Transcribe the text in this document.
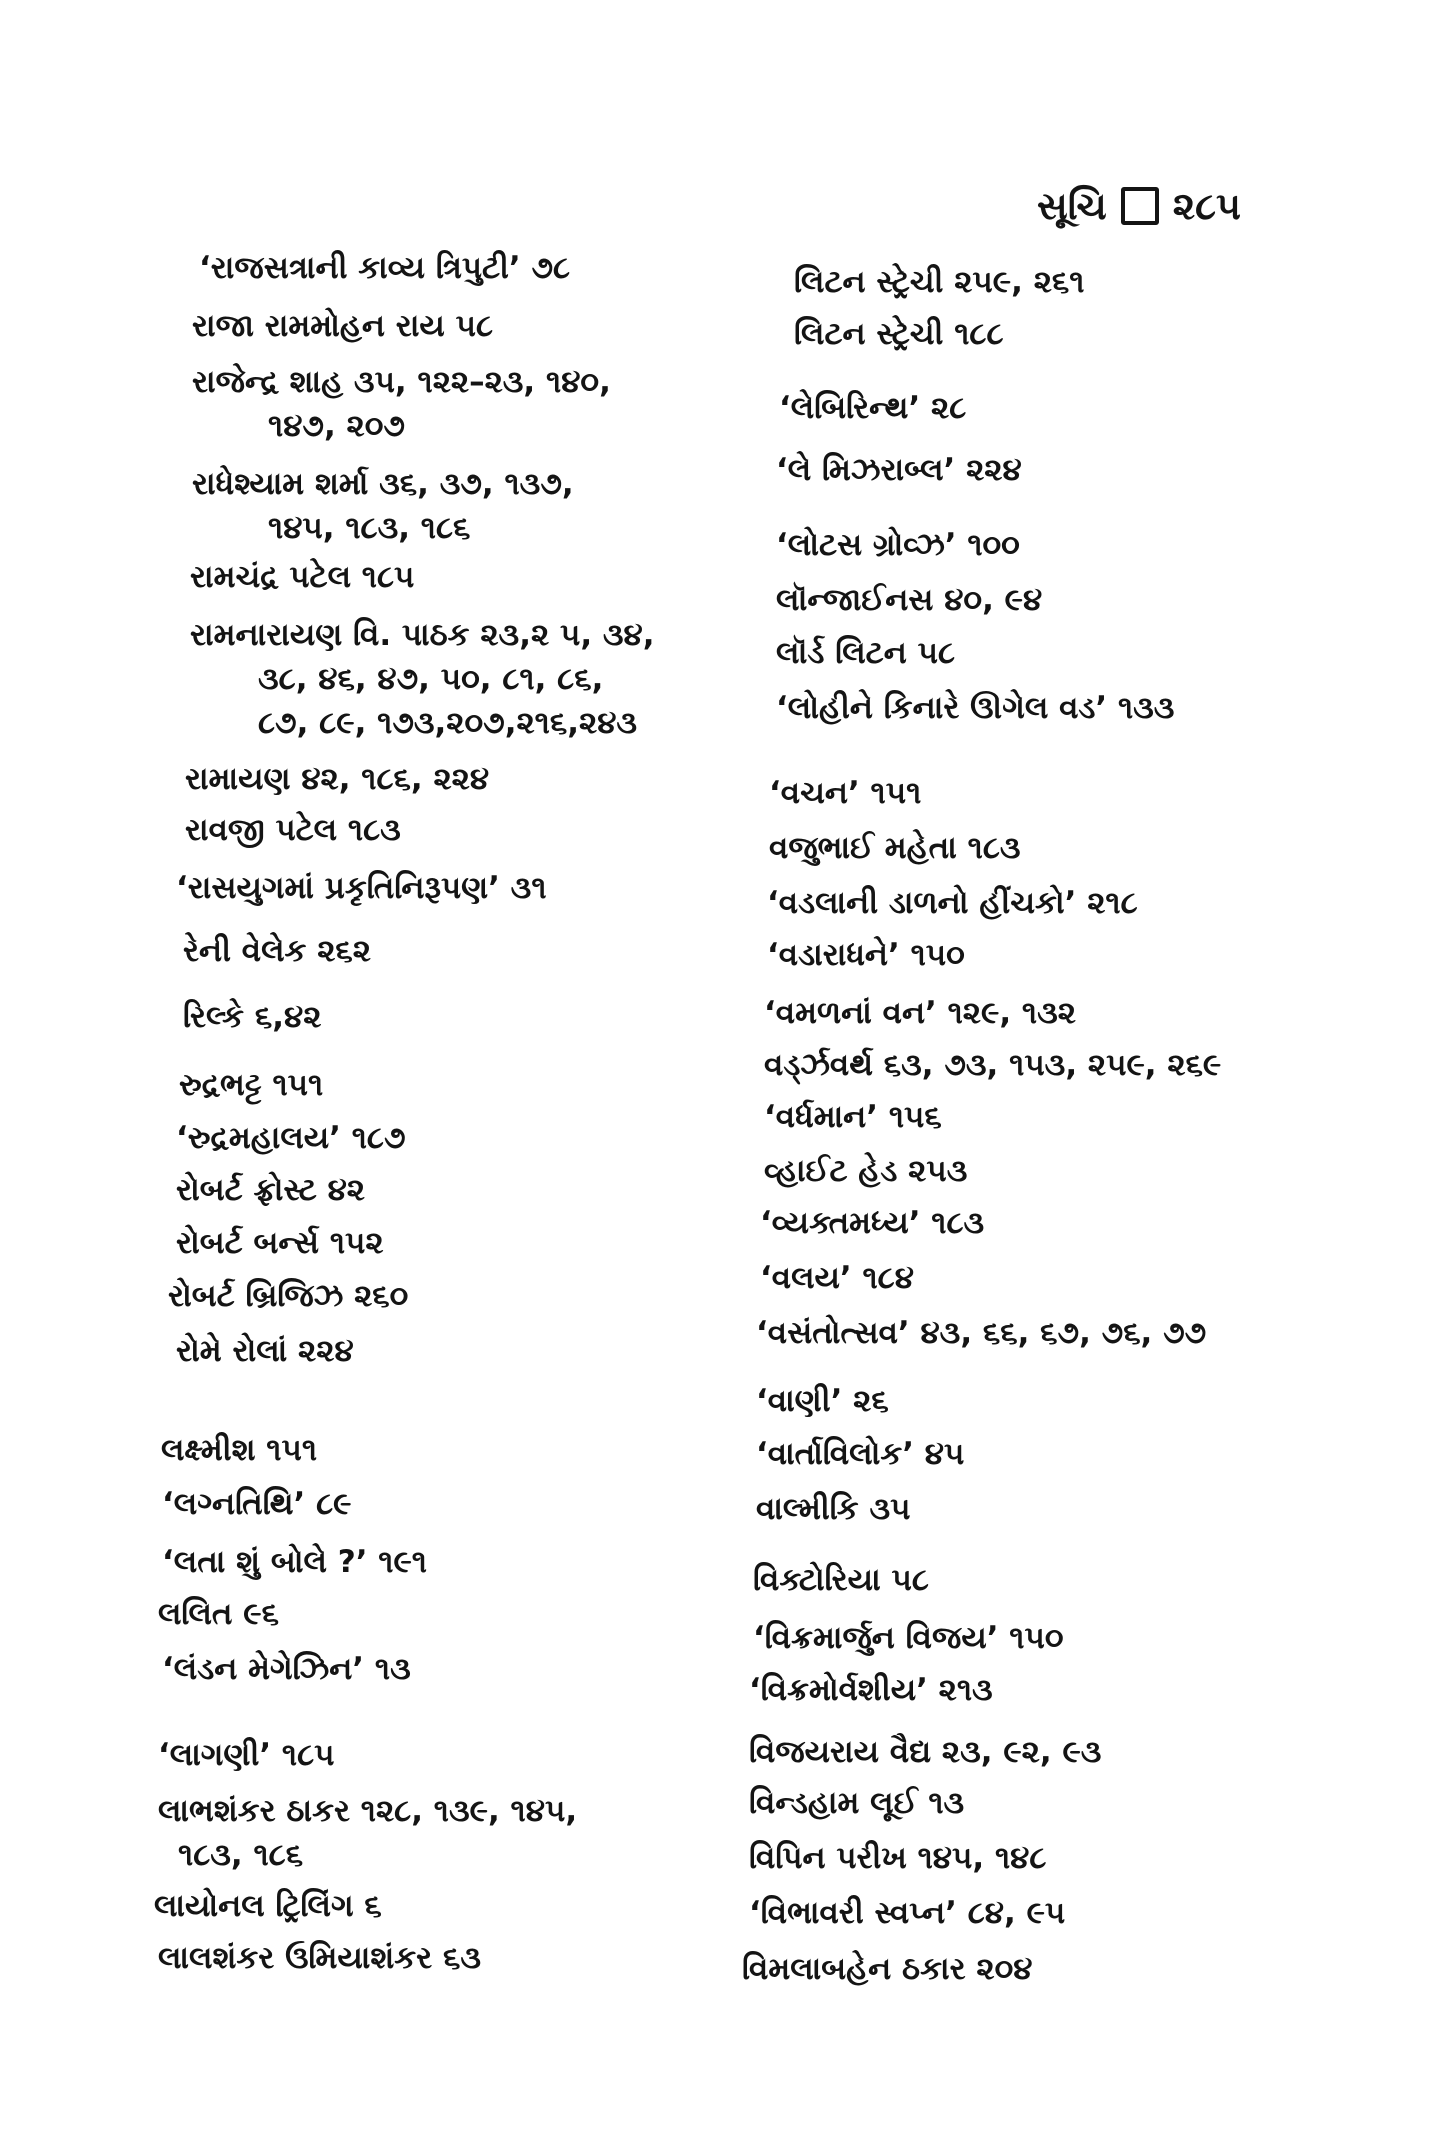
સૂચિ ૨૮૫
‘રાજસત્રાની કાવ્ય ત્રિપુટી’ ૭૮
રાજા રામમોહન રાય ૫૮
રાજેન્દ્ર શાહ ૩૫, ૧૨૨–૨૩, ૧૪૦,
૧૪૭, ૨૦૭
રાધેશ્યામ શર્મા ૩૬, ૩૭, ૧૩૭,
૧૪૫, ૧૮૩, ૧૮૬
રામચંદ્ર પટેલ ૧૮૫
રામનારાયણ વિ. પાઠક ૨૩,૨ ૫, ૩૪,
૩૮, ૪૬, ૪૭, ૫૦, ૮૧, ૮૬,
૮૭, ૮૯, ૧૭૩,૨૦૭,૨૧૬,૨૪૩
રામાયણ ૪૨, ૧૮૬, ૨૨૪
રાવજી પટેલ ૧૮૩
‘રાસયુગમાં પ્રકૃતિનિરૂપણ’ ૩૧
રેની વેલેક ૨૬૨
રિલ્કે ૬,૪૨
રુદ્રભટ્ટ ૧૫૧
‘રુદ્રમહાલય’ ૧૮૭
રોબર્ટ ફ્રોસ્ટ ૪૨
રોબર્ટ બર્ન્સ ૧૫૨
રોબર્ટ બ્રિજિઝ ૨૬૦
રોમે રોલાં ૨૨૪
લક્ષ્મીશ ૧૫૧
‘લગ્નતિથિ’ ૮૯
‘લતા શું બોલે ?’ ૧૯૧
લલિત ૯૬
‘લંડન મેગેઝિન’ ૧૩
‘લાગણી’ ૧૮૫
લાભશંકર ઠાકર ૧૨૮, ૧૩૯, ૧૪૫,
૧૮૩, ૧૮૬
લાયોનલ ટ્રિલિંગ ૬
લાલશંકર ઉમિયાશંકર ૬૩
લિટન સ્ટ્રેચી ૨૫૯, ૨૬૧
લિટન સ્ટ્રેચી ૧૮૮
‘લેબિરિન્થ’ ૨૮
‘લે મિઝરાબ્લ’ ૨૨૪
‘લોટસ ગ્રોવ્ઝ’ ૧૦૦
લૉન્જાઈનસ ૪૦, ૯૪
લૉર્ડ લિટન ૫૮
‘લોહીને કિનારે ઊગેલ વડ’ ૧૩૩
‘વચન’ ૧૫૧
વજુભાઈ મહેતા ૧૮૩
‘વડલાની ડાળનો હીંચકો’ ૨૧૮
‘વડારાધને’ ૧૫૦
‘વમળનાં વન’ ૧૨૯, ૧૩૨
વર્ડ્ઝવર્થ ૬૩, ૭૩, ૧૫૩, ૨૫૯, ૨૬૯
‘વર્ધમાન’ ૧૫૬
વ્હાઈટ હેડ ૨૫૩
‘વ્યક્તમધ્ય’ ૧૮૩
‘વલય’ ૧૮૪
‘વસંતોત્સવ’ ૪૩, ૬૬, ૬૭, ૭૬, ૭૭
‘વાણી’ ૨૬
‘વાર્તાવિલોક’ ૪૫
વાલ્મીકિ ૩૫
વિક્ટોરિયા ૫૮
‘વિક્રમાર્જુન વિજય’ ૧૫૦
‘વિક્રમોર્વશીય’ ૨૧૩
વિજયરાય વૈદ્ય ૨૩, ૯૨, ૯૩
વિન્ડહામ લૂઈ ૧૩
વિપિન પરીખ ૧૪૫, ૧૪૮
‘વિભાવરી સ્વપ્ન’ ૮૪, ૯૫
વિમલાબહેન ઠકાર ૨૦૪
